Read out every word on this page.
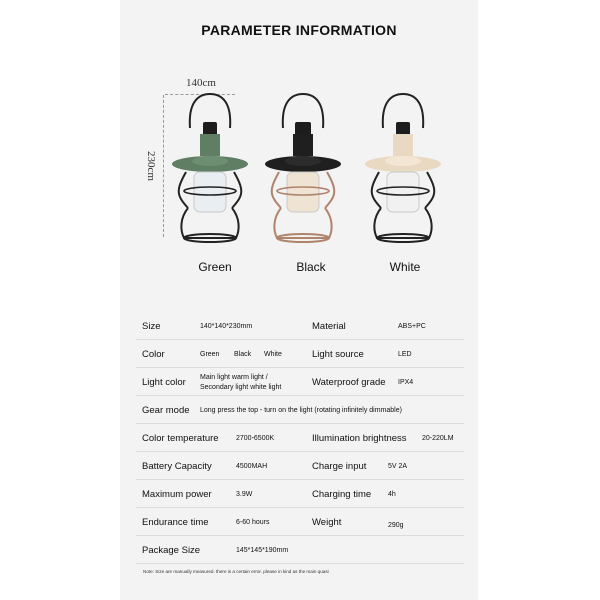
PARAMETER INFORMATION
140cm
230cm
Green	Black	White
Size	140*140*230mm	Material	ABS+PC
Color	Green Black White	Light source	LED
Light color Main light warm light /
Secondary light white light	Waterproof grade IPX4
Gear mode Long press the top - turn on the light (rotating infinitely dimmable)
Color temperature 2700-6500K	Illumination brightness 20-220LM
Battery Capacity	4500MAH	Charge input	5V 2A
Maximum power	3.9W	Charging time 4h
Endurance time	6-60 hours	Weight	290g
Package Size	145*145*190mm
Note: Size are manually measured. there is a certain error. please in kind as the main quasi
